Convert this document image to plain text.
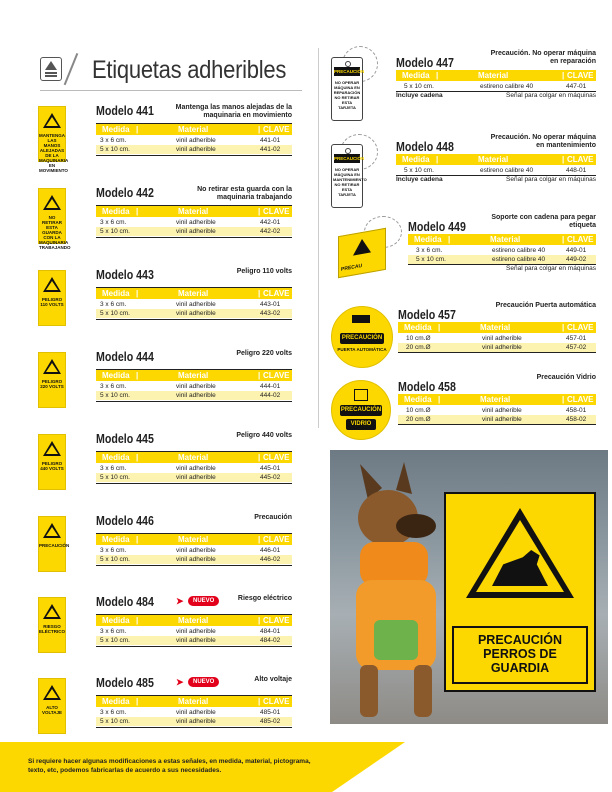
Etiquetas adheribles
MANTENGA LAS MANOS ALEJADAS DE LA MAQUINARIA EN MOVIMIENTO
Modelo 441	Mantenga las manos alejadas de la maquinaria en movimiento
Medida |	Material	| CLAVE
3 x 6 cm.	vinil adherible	441-01
5 x 10 cm.	vinil adherible	441-02
NO RETIRAR ESTA GUARDA CON LA MAQUINARIA TRABAJANDO
Modelo 442	No retirar esta guarda con la maquinaria trabajando
Medida |	Material	| CLAVE
3 x 6 cm.	vinil adherible	442-01
5 x 10 cm.	vinil adherible	442-02
PELIGRO 110 VOLTS
Modelo 443	Peligro 110 volts
Medida |	Material	| CLAVE
3 x 6 cm.	vinil adherible	443-01
5 x 10 cm.	vinil adherible	443-02
PELIGRO 220 VOLTS
Modelo 444	Peligro 220 volts
Medida |	Material	| CLAVE
3 x 6 cm.	vinil adherible	444-01
5 x 10 cm.	vinil adherible	444-02
PELIGRO 440 VOLTS
Modelo 445	Peligro 440 volts
Medida |	Material	| CLAVE
3 x 6 cm.	vinil adherible	445-01
5 x 10 cm.	vinil adherible	445-02
PRECAUCIÓN
Modelo 446	Precaución
Medida |	Material	| CLAVE
3 x 6 cm.	vinil adherible	446-01
5 x 10 cm.	vinil adherible	446-02
RIESGO ELÉCTRICO
Modelo 484 ➤	NUEVO	Riesgo eléctrico
Medida |	Material	| CLAVE
3 x 6 cm.	vinil adherible	484-01
5 x 10 cm.	vinil adherible	484-02
ALTO VOLTAJE
Modelo 485 ➤	NUEVO	Alto voltaje
Medida |	Material	| CLAVE
3 x 6 cm.	vinil adherible	485-01
5 x 10 cm.	vinil adherible	485-02
Modelo 447
Precaución. No operar máquina en reparación
Medida |	Material	| CLAVE
5 x 10 cm.	estireno calibre 40	447-01
Incluye cadena	Señal para colgar en máquinas
Modelo 448
Precaución. No operar máquina en mantenimiento
Medida |	Material	| CLAVE
5 x 10 cm.	estireno calibre 40	448-01
Incluye cadena	Señal para colgar en máquinas
Modelo 449
Soporte con cadena para pegar etiqueta
Medida |	Material	| CLAVE
3 x 6 cm.	estireno calibre 40	449-01
5 x 10 cm.	estireno calibre 40	449-02
Señal para colgar en máquinas
Modelo 457
Precaución Puerta automática
Medida |	Material	| CLAVE
10 cm.Ø	vinil adherible	457-01
20 cm.Ø	vinil adherible	457-02
Modelo 458
Precaución Vidrio
Medida |	Material	| CLAVE
10 cm.Ø	vinil adherible	458-01
20 cm.Ø	vinil adherible	458-02
PRECAUCIÓN
NO OPERAR MÁQUINA EN REPARACIÓN NO RETIRAR ESTA TARJETA
PRECAUCIÓN
NO OPERAR MÁQUINA EN MANTENIMIENTO NO RETIRAR ESTA TARJETA
PRECAU
PRECAUCIÓN
PUERTA AUTOMÁTICA
PRECAUCIÓN
VIDRIO
PRECAUCIÓN PERROS DE GUARDIA
Si requiere hacer algunas modificaciones a estas señales, en medida, material, pictograma, texto, etc, podemos fabricarlas de acuerdo a sus necesidades.
